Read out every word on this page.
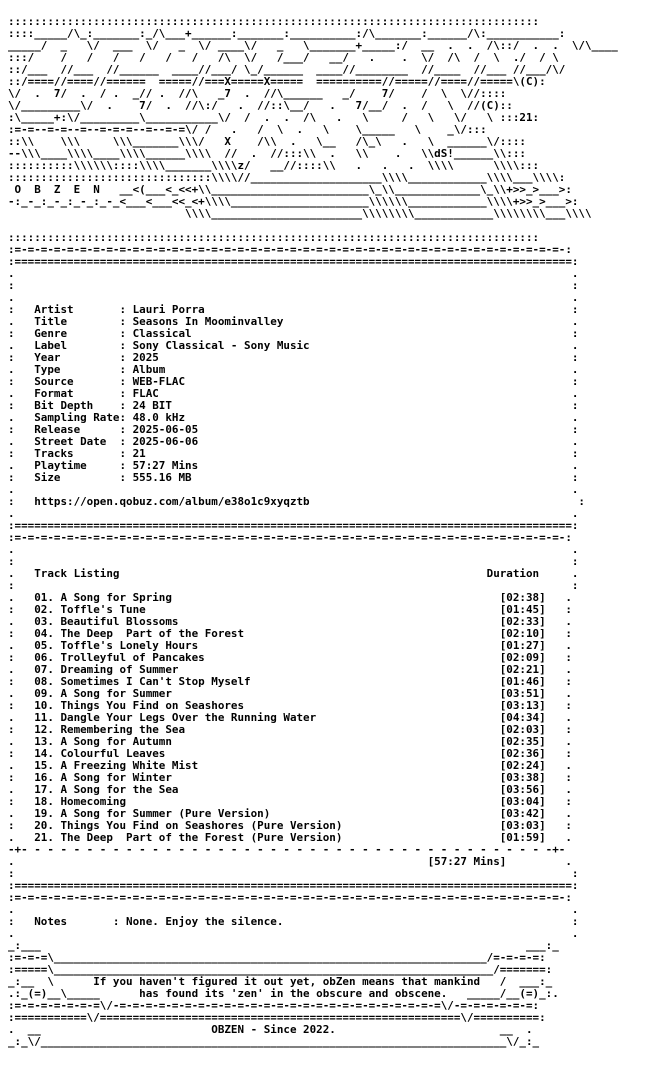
:::::::::::::::::::::::::::::::::::::::::::::::::::::::::::::::::::::::::::::::::
::::_____/\_:_______:_/\___+______:_______:__________:/\_______:______/\:___________:
_____/  _   \/  ___  \/   _  \/ ____\/   _   \_______+_____:/  __  .  .  /\::/  .  .  \/\____
:::/    /   /   /   /   /   /   /\  \/   /___/   __/   .    .  \/  /\  /  \  ./  / \
::/___  //___  //______  ____//___/ \_/______  ____//________  //____  //___ //___/\/
::/====//====//======  =====//===X=====X=====  ==========//=====//====//=====\(C):
\/  .  7/  .  / .  _// .  //\   _7  .  //\______   _/    7/    /  \  \//::::
\/_________\/  .    7/  .  //\:/   .  //::\__/   .   7/__/  .  /   \  //(C)::
:\_____+:\/_________\___________\/  /  .  .  /\   .   \     /   \   \/   \ :::21:
:=-=--=-=--=--=-=-=--=--=-=\/ /   .   /  \  .   \    \_____   \    _\/:::
::\\    \\\     \\\_______\\\/   X    /\\  .   \__   /\_\   .   \  ______\/::::
--\\\____\\\\____\\\\______\\\\  //  .  //:::\\  .   \\    .   \\dS!______\\:::
::::::::::\\\\\\::::\\\\_______\\\\z/   __//::::\\   .   .   .  \\\\      \\\\:::
:::::::::::::::::::::::::::::::\\\\//____________________\\\\____________\\\\___\\\\:
O  B  Z  E  N   __<(___<_<<+\\________________________\_\\_____________\_\\+>>_>___>:
-:_-_:_-_:_-_:_-_<___<___<<_<+\\\\_____________________\\\\\\____________\\\\+>>_>___>:
\\\\_______________________\\\\\\\\____________\\\\\\\\___\\\\

:::::::::::::::::::::::::::::::::::::::::::::::::::::::::::::::::::::::::::::::::
:=-=-=-=-=-=-=-=-=-=-=-=-=-=-=-=-=-=-=-=-=-=-=-=-=-=-=-=-=-=-=-=-=-=-=-=-=-=-=-=-=-=-:
:=====================================================================================:
.                                                                                     .
:                                                                                     :
.                                                                                     .
:   Artist       : Lauri Porra                                                        :
.   Title        : Seasons In Moominvalley                                            .
:   Genre        : Classical                                                          :
.   Label        : Sony Classical - Sony Music                                        .
:   Year         : 2025                                                               :
.   Type         : Album                                                              .
:   Source       : WEB-FLAC                                                           :
.   Format       : FLAC                                                               .
:   Bit Depth    : 24 BIT                                                             :
.   Sampling Rate: 48.0 kHz                                                           .
:   Release      : 2025-06-05                                                         :
.   Street Date  : 2025-06-06                                                         .
:   Tracks       : 21                                                                 :
.   Playtime     : 57:27 Mins                                                         .
:   Size         : 555.16 MB                                                          :
.                                                                                     .
:   https://open.qobuz.com/album/e38o1c9xyqztb                                         :
.                                                                                     .
:=====================================================================================:
:=-=-=-=-=-=-=-=-=-=-=-=-=-=-=-=-=-=-=-=-=-=-=-=-=-=-=-=-=-=-=-=-=-=-=-=-=-=-=-=-=-=-:
.                                                                                     .
:                                                                                     :
.   Track Listing                                                        Duration     .
:                                                                                     :
.   01. A Song for Spring                                                  [02:38]   .
:   02. Toffle's Tune                                                      [01:45]   :
.   03. Beautiful Blossoms                                                 [02:33]   .
:   04. The Deep  Part of the Forest                                       [02:10]   :
.   05. Toffle's Lonely Hours                                              [01:27]   .
:   06. Trolleyful of Pancakes                                             [02:09]   :
.   07. Dreaming of Summer                                                 [02:21]   .
:   08. Sometimes I Can't Stop Myself                                      [01:46]   :
.   09. A Song for Summer                                                  [03:51]   .
:   10. Things You Find on Seashores                                       [03:13]   :
.   11. Dangle Your Legs Over the Running Water                            [04:34]   .
:   12. Remembering the Sea                                                [02:03]   :
.   13. A Song for Autumn                                                  [02:35]   .
:   14. Colourful Leaves                                                   [02:36]   :
.   15. A Freezing White Mist                                              [02:24]   .
:   16. A Song for Winter                                                  [03:38]   :
.   17. A Song for the Sea                                                 [03:56]   .
:   18. Homecoming                                                         [03:04]   :
.   19. A Song for Summer (Pure Version)                                   [03:42]   .
:   20. Things You Find on Seashores (Pure Version)                        [03:03]   :
.   21. The Deep  Part of the Forest (Pure Version)                        [01:59]   .
-+- - - - - - - - - - - - - - - - - - - - - - - - - - - - - - - - - - - - - - - - -+-
.                                                               [57:27 Mins]         .
:                                                                                     :
:=====================================================================================:
:=-=-=-=-=-=-=-=-=-=-=-=-=-=-=-=-=-=-=-=-=-=-=-=-=-=-=-=-=-=-=-=-=-=-=-=-=-=-=-=-=-=-:
.                                                                                     .
:   Notes       : None. Enjoy the silence.                                            :
.                                                                                     .
_:___                                                                          ___:_
:=-=-=\__________________________________________________________________/=-=-=-=:
:=====\___________________________________________________________________/=======:
_:__  \      If you haven't figured it out yet, obZen means that mankind   /  ___:_
.:_(=)__\_____      has found its 'zen' in the obscure and obscene.   _____/__(=)_:.
:=-=-=-=-=-=-=\/-=-=-=-=-=-=-=-=-=-=-=-=-=-=-=-=-=-=-=-=-=-=-=-=-=\/-=-=-=-=-=-=:
:===========\/=======================================================\/==========:
.  __                          OBZEN - Since 2022.                         __  .
_:_\/_______________________________________________________________________\/_:_
